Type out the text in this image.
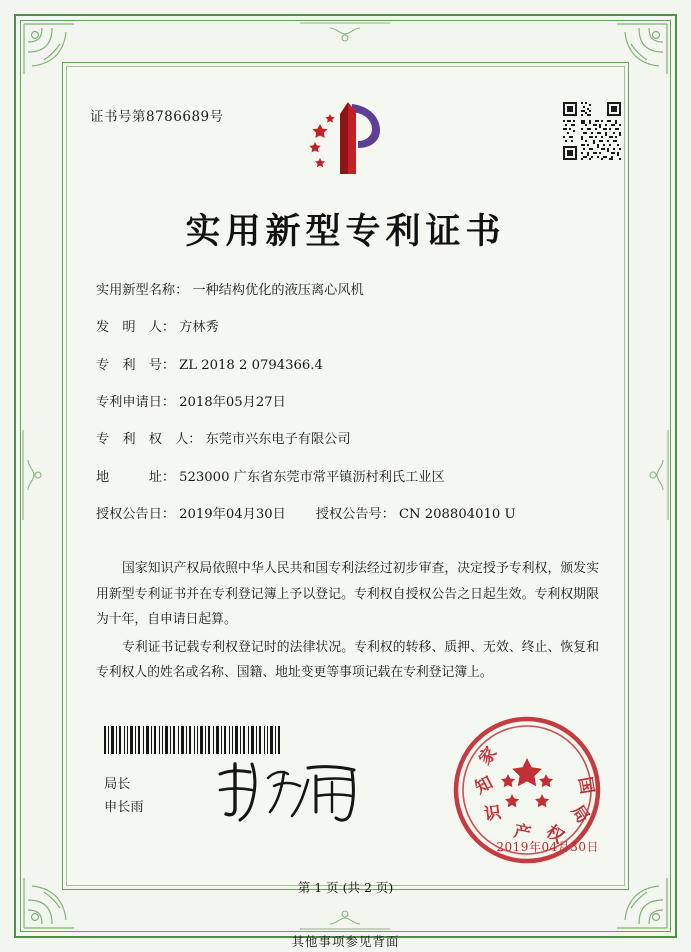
证书号第8786689号
实用新型专利证书
实用新型名称： 一种结构优化的液压离心风机
发　明　人： 方林秀
专　利　号： ZL 2018 2 0794366.4
专利申请日： 2018年05月27日
专　利　权　人： 东莞市兴东电子有限公司
地　　　址： 523000 广东省东莞市常平镇沥村利氏工业区
授权公告日： 2019年04月30日 授权公告号： CN 208804010 U

国家知识产权局依照中华人民共和国专利法经过初步审查，决定授予专利权，颁发实用新型专利证书并在专利登记簿上予以登记。专利权自授权公告之日起生效。专利权期限为十年，自申请日起算。

专利证书记载专利权登记时的法律状况。专利权的转移、质押、无效、终止、恢复和专利权人的姓名或名称、国籍、地址变更等事项记载在专利登记簿上。

局长
申长雨
家
知
识
产 权
局
国
2019年04月30日
第 1 页 (共 2 页)
其他事项参见背面
